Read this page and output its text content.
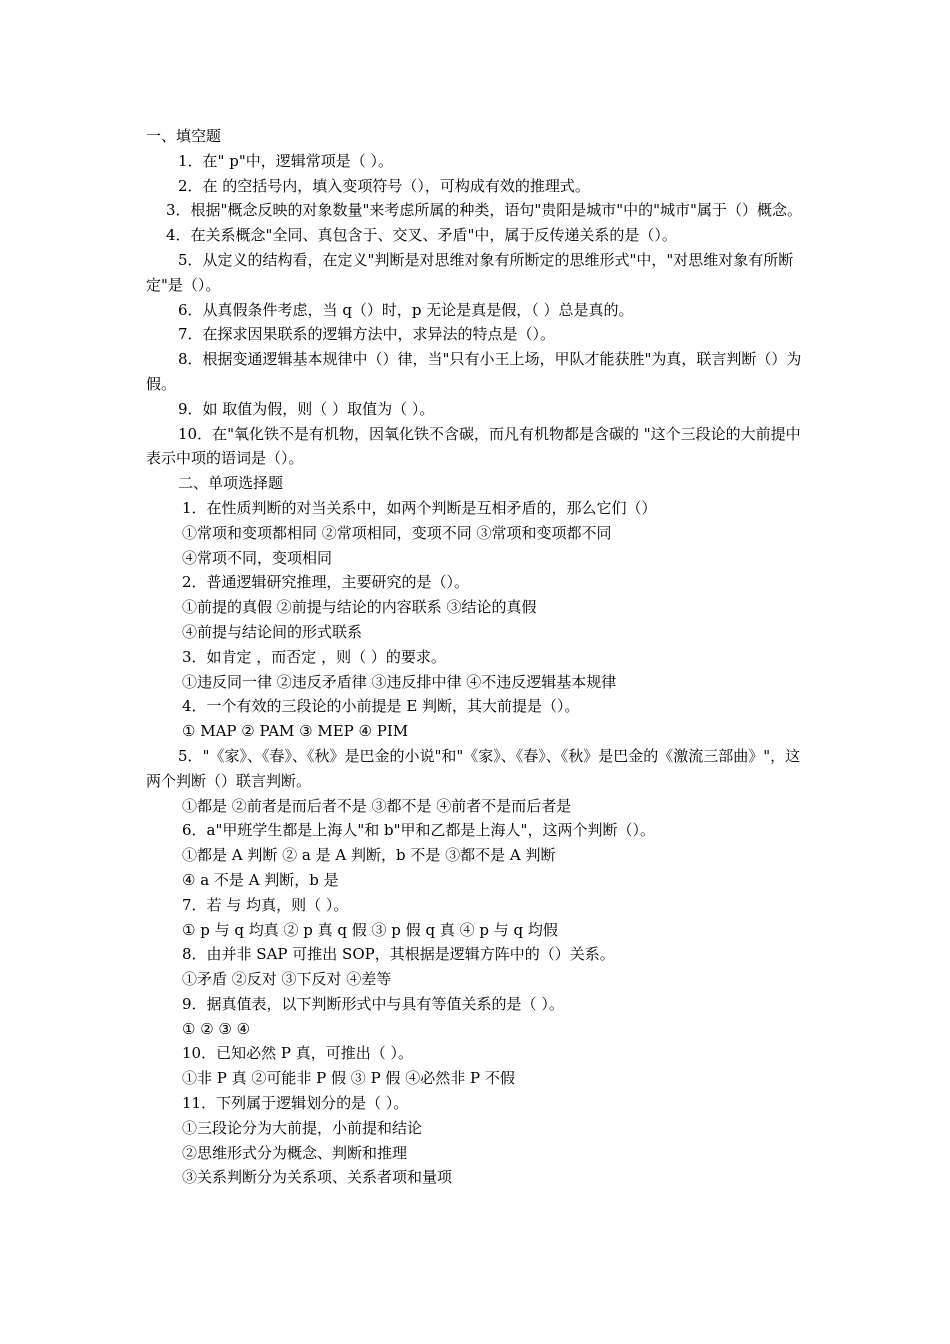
一、填空题

1．在" p"中，逻辑常项是（ ）。

2．在 的空括号内，填入变项符号（），可构成有效的推理式。

3．根据"概念反映的对象数量"来考虑所属的种类，语句"贵阳是城市"中的"城市"属于（）概念。

4．在关系概念"全同、真包含于、交叉、矛盾"中，属于反传递关系的是（）。

5．从定义的结构看，在定义"判断是对思维对象有所断定的思维形式"中，"对思维对象有所断定"是（）。

6．从真假条件考虑，当 q（）时，p 无论是真是假，（ ）总是真的。

7．在探求因果联系的逻辑方法中，求异法的特点是（）。

8．根据变通逻辑基本规律中（）律，当"只有小王上场，甲队才能获胜"为真，联言判断（）为假。

9．如 取值为假，则（ ）取值为（ ）。

10．在"氧化铁不是有机物，因氧化铁不含碳，而凡有机物都是含碳的 "这个三段论的大前提中表示中项的语词是（）。

二、单项选择题

1．在性质判断的对当关系中，如两个判断是互相矛盾的，那么它们（）

①常项和变项都相同 ②常项相同，变项不同 ③常项和变项都不同

④常项不同，变项相同

2．普通逻辑研究推理，主要研究的是（）。

①前提的真假 ②前提与结论的内容联系 ③结论的真假

④前提与结论间的形式联系

3．如肯定 ，而否定 ，则（ ）的要求。

①违反同一律 ②违反矛盾律 ③违反排中律 ④不违反逻辑基本规律

4．一个有效的三段论的小前提是 E 判断，其大前提是（）。

① MAP ② PAM ③ MEP ④ PIM

5．"《家》、《春》、《秋》是巴金的小说"和"《家》、《春》、《秋》是巴金的《激流三部曲》"，这两个判断（）联言判断。

①都是 ②前者是而后者不是 ③都不是 ④前者不是而后者是

6．a"甲班学生都是上海人"和 b"甲和乙都是上海人"，这两个判断（）。

①都是 A 判断 ② a 是 A 判断，b 不是 ③都不是 A 判断

④ a 不是 A 判断，b 是

7．若 与 均真，则（ ）。

① p 与 q 均真 ② p 真 q 假 ③ p 假 q 真 ④ p 与 q 均假

8．由并非 SAP 可推出 SOP，其根据是逻辑方阵中的（）关系。

①矛盾 ②反对 ③下反对 ④差等

9．据真值表，以下判断形式中与具有等值关系的是（ ）。

① ② ③ ④

10．已知必然 P 真，可推出（ ）。

①非 P 真 ②可能非 P 假 ③ P 假 ④必然非 P 不假

11．下列属于逻辑划分的是（ ）。

①三段论分为大前提，小前提和结论

②思维形式分为概念、判断和推理

③关系判断分为关系项、关系者项和量项
